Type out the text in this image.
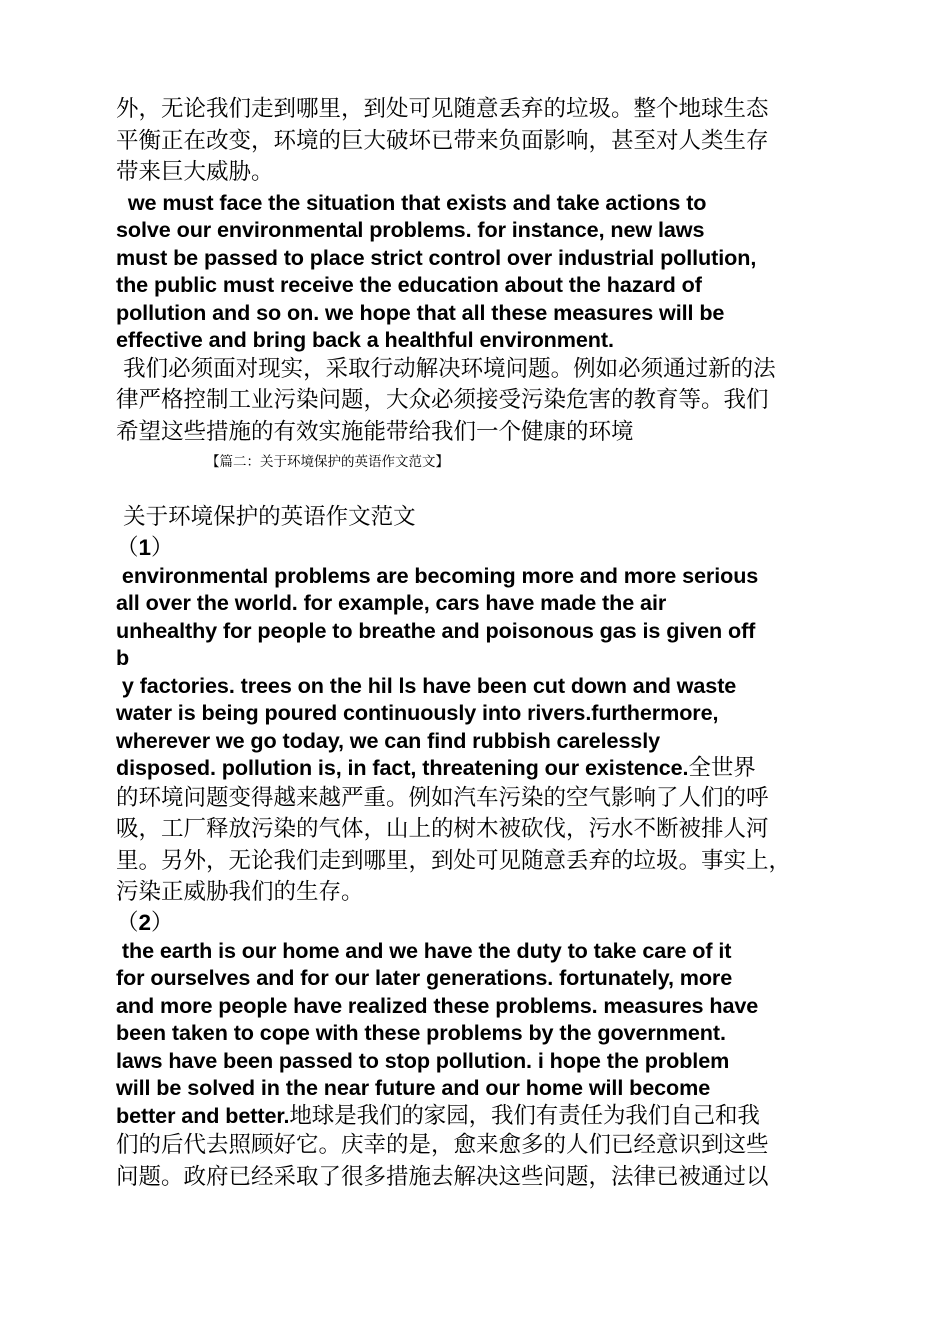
外，无论我们走到哪里，到处可见随意丢弃的垃圾。整个地球生态
平衡正在改变，环境的巨大破坏已带来负面影响，甚至对人类生存
带来巨大威胁。

we must face the situation that exists and take actions to
solve our environmental problems. for instance, new laws
must be passed to place strict control over industrial pollution,
the public must receive the education about the hazard of
pollution and so on. we hope that all these measures will be
effective and bring back a healthful environment.

我们必须面对现实，采取行动解决环境问题。例如必须通过新的法
律严格控制工业污染问题，大众必须接受污染危害的教育等。我们
希望这些措施的有效实施能带给我们一个健康的环境

【篇二：关于环境保护的英语作文范文】

关于环境保护的英语作文范文

（1）

environmental problems are becoming more and more serious
all over the world. for example, cars have made the air
unhealthy for people to breathe and poisonous gas is given off
b

y factories. trees on the hil ls have been cut down and waste
water is being poured continuously into rivers.furthermore,
wherever we go today, we can find rubbish carelessly
disposed. pollution is, in fact, threatening our existence.全世界

的环境问题变得越来越严重。例如汽车污染的空气影响了人们的呼
吸，工厂释放污染的气体，山上的树木被砍伐，污水不断被排人河
里。另外，无论我们走到哪里，到处可见随意丢弃的垃圾。事实上，
污染正威胁我们的生存。

（2）

the earth is our home and we have the duty to take care of it
for ourselves and for our later generations. fortunately, more
and more people have realized these problems. measures have
been taken to cope with these problems by the government.
laws have been passed to stop pollution. i hope the problem
will be solved in the near future and our home will become
better and better.地球是我们的家园，我们有责任为我们自己和我

们的后代去照顾好它。庆幸的是，愈来愈多的人们已经意识到这些
问题。政府已经采取了很多措施去解决这些问题，法律已被通过以
